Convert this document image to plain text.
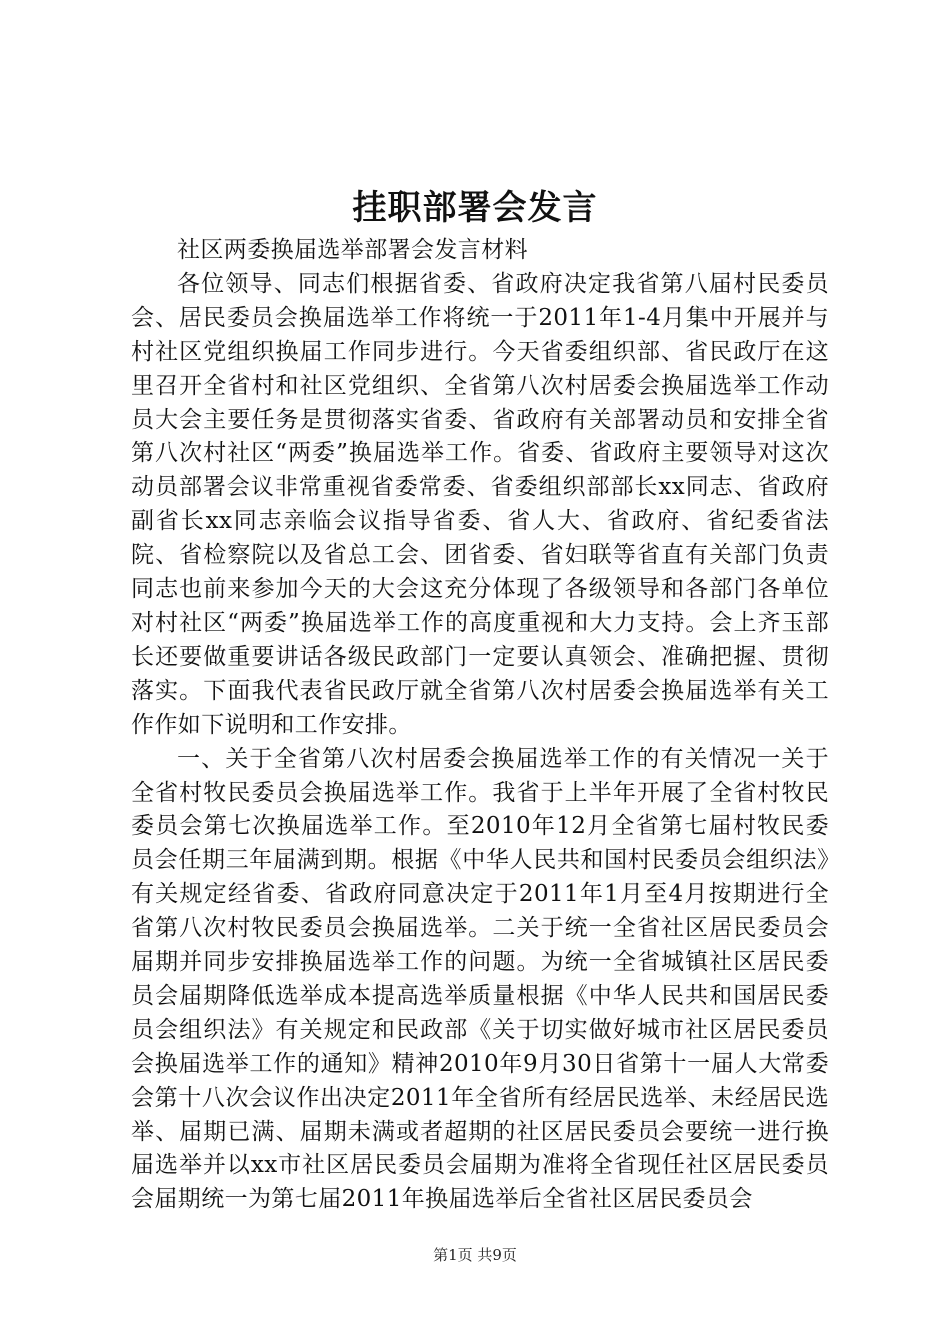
挂职部署会发言

社区两委换届选举部署会发言材料

各位领导、同志们根据省委、省政府决定我省第八届村民委员会、居民委员会换届选举工作将统一于2011年1-4月集中开展并与村社区党组织换届工作同步进行。今天省委组织部、省民政厅在这里召开全省村和社区党组织、全省第八次村居委会换届选举工作动员大会主要任务是贯彻落实省委、省政府有关部署动员和安排全省第八次村社区“两委”换届选举工作。省委、省政府主要领导对这次动员部署会议非常重视省委常委、省委组织部部长xx同志、省政府副省长xx同志亲临会议指导省委、省人大、省政府、省纪委省法院、省检察院以及省总工会、团省委、省妇联等省直有关部门负责同志也前来参加今天的大会这充分体现了各级领导和各部门各单位对村社区“两委”换届选举工作的高度重视和大力支持。会上齐玉部长还要做重要讲话各级民政部门一定要认真领会、准确把握、贯彻落实。下面我代表省民政厅就全省第八次村居委会换届选举有关工作作如下说明和工作安排。

一、关于全省第八次村居委会换届选举工作的有关情况一关于全省村牧民委员会换届选举工作。我省于上半年开展了全省村牧民委员会第七次换届选举工作。至2010年12月全省第七届村牧民委员会任期三年届满到期。根据《中华人民共和国村民委员会组织法》有关规定经省委、省政府同意决定于2011年1月至4月按期进行全省第八次村牧民委员会换届选举。二关于统一全省社区居民委员会届期并同步安排换届选举工作的问题。为统一全省城镇社区居民委员会届期降低选举成本提高选举质量根据《中华人民共和国居民委员会组织法》有关规定和民政部《关于切实做好城市社区居民委员会换届选举工作的通知》精神2010年9月30日省第十一届人大常委会第十八次会议作出决定2011年全省所有经居民选举、未经居民选举、届期已满、届期未满或者超期的社区居民委员会要统一进行换届选举并以xx市社区居民委员会届期为准将全省现任社区居民委员会届期统一为第七届2011年换届选举后全省社区居民委员会

第1页 共9页
